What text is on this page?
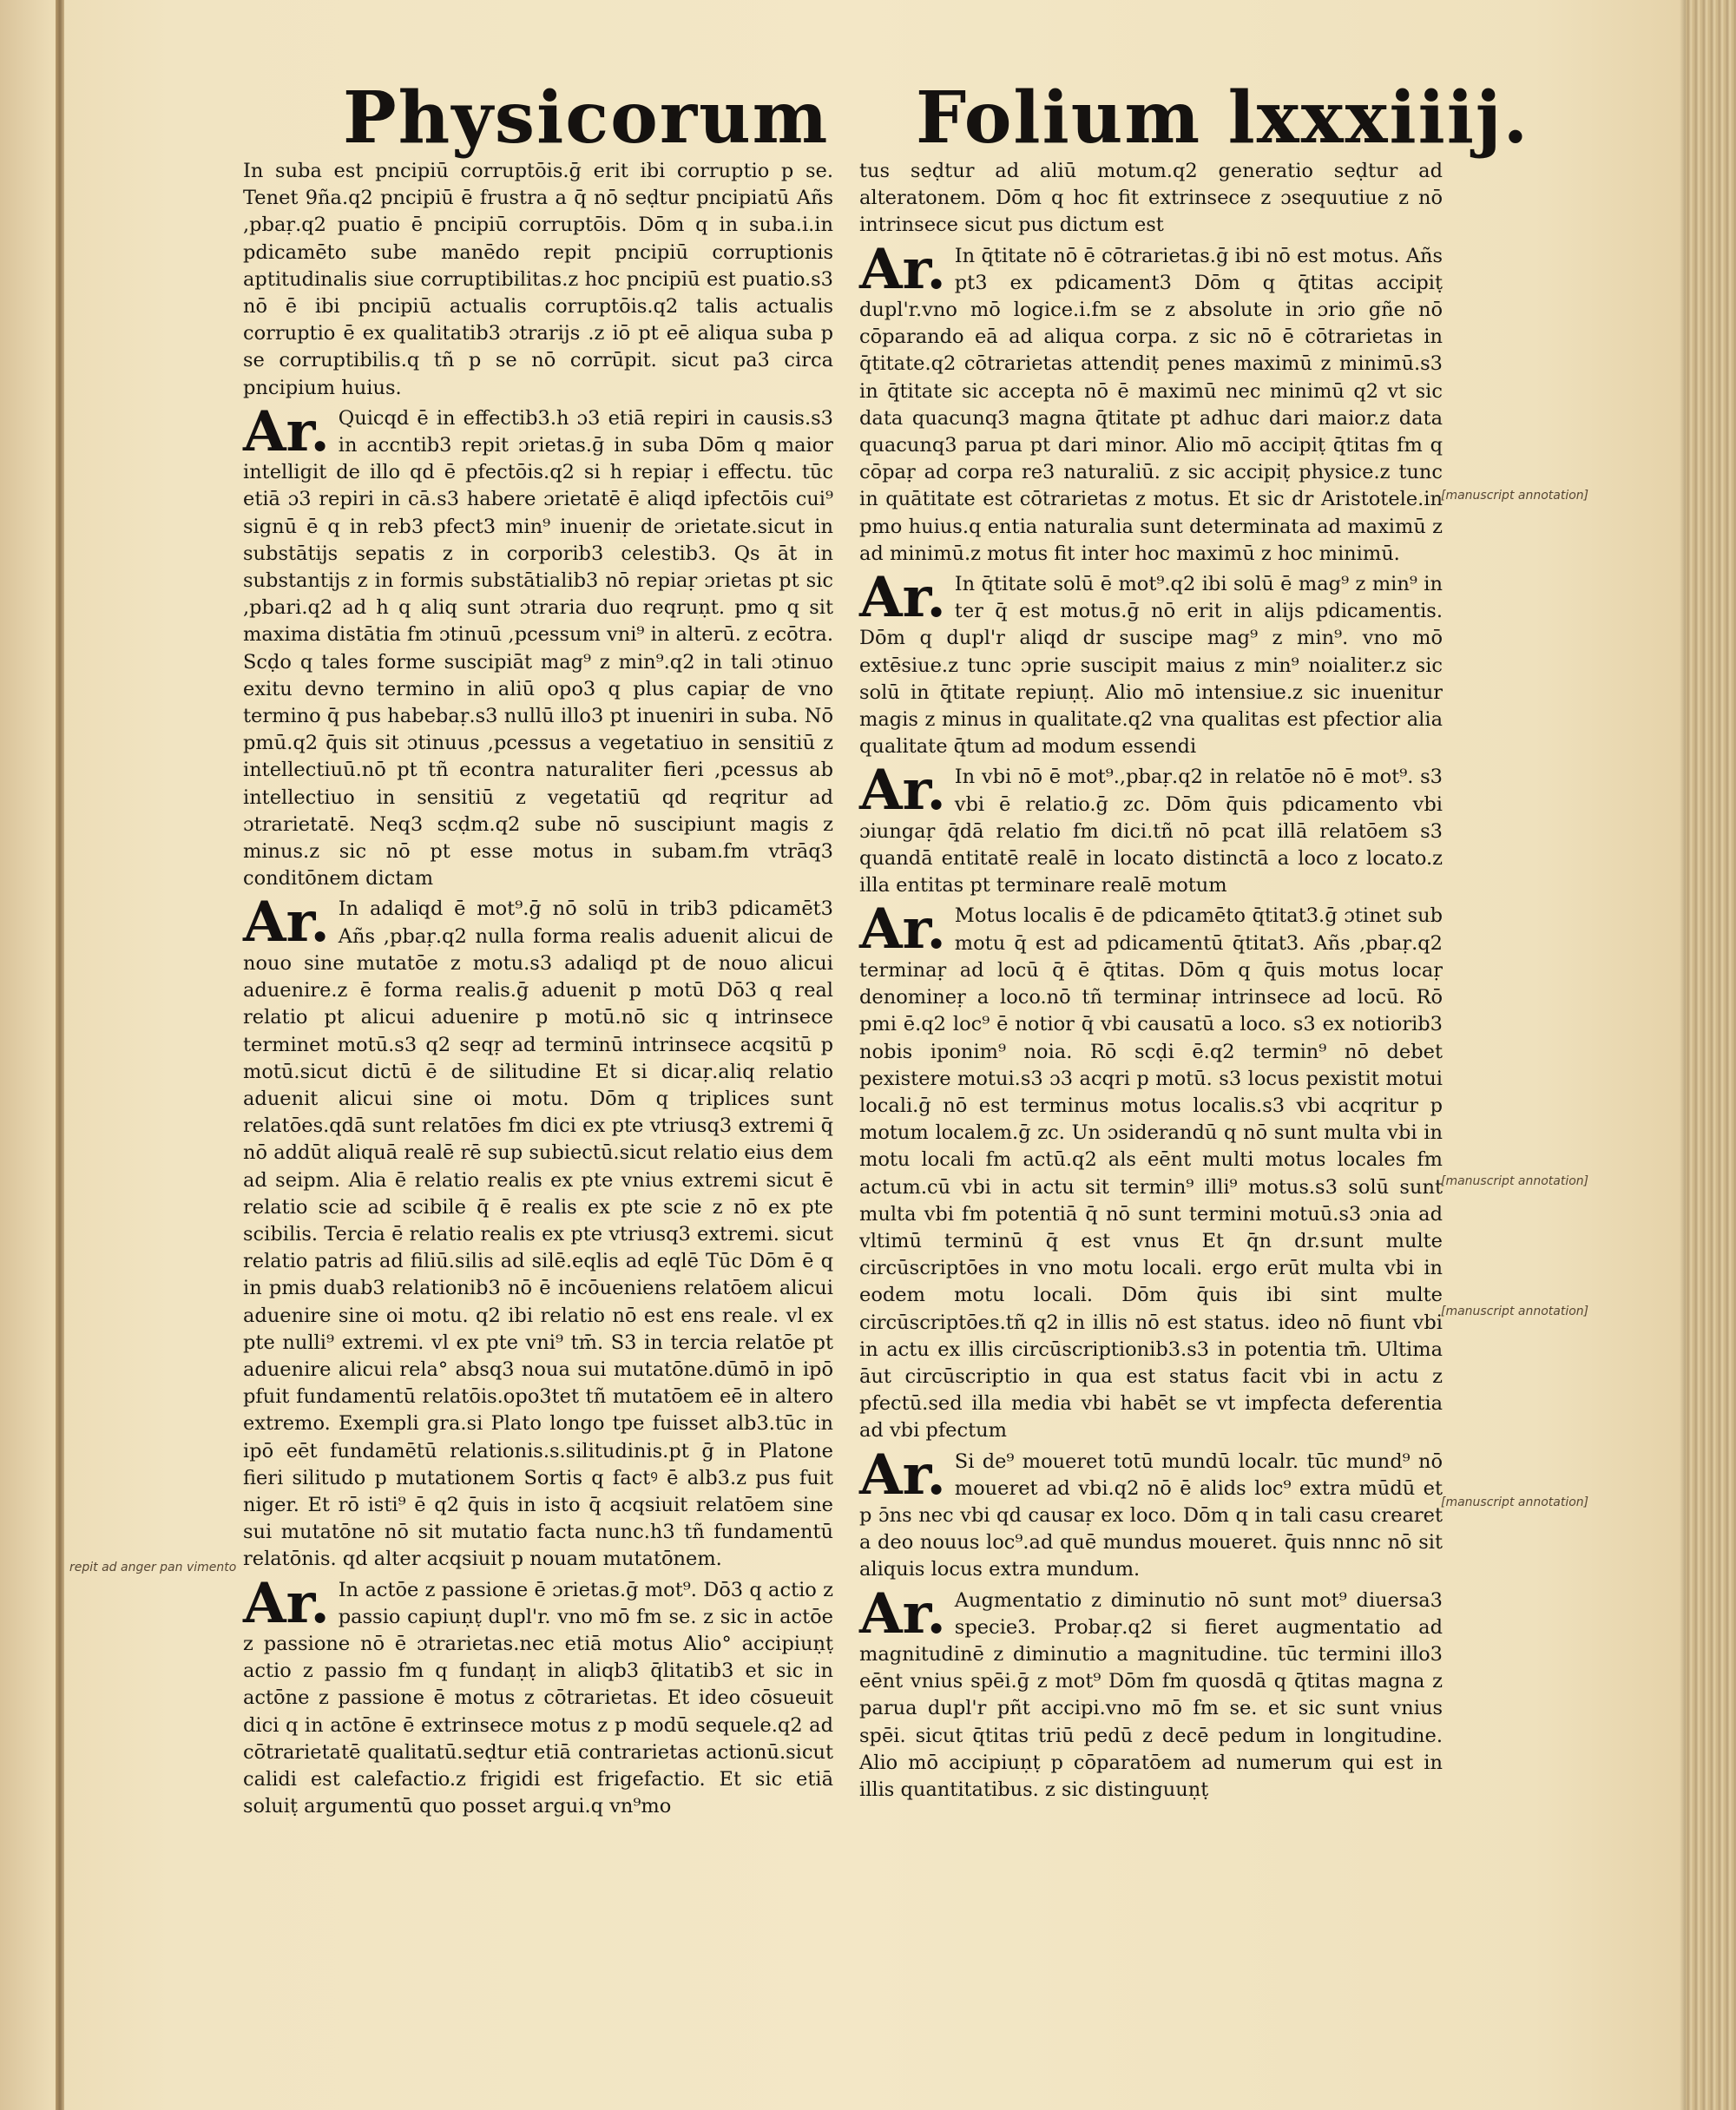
Physicorum Folium lxxxiiij.

In suba est pncipiū corruptōis.ḡ erit ibi corruptio p se. Tenet 9ña.q2 pncipiū ē frustra a q̄ nō seḍtur pncipiatū Añs ,pbaṛ.q2 puatio ē pncipiū corruptōis. Dōm q in suba.i.in pdicamēto sube manēdo repit pncipiū corruptionis aptitudinalis siue corruptibilitas.z hoc pncipiū est puatio.s3 nō ē ibi pncipiū actualis corruptōis.q2 talis actualis corruptio ē ex qualitatib3 ɔtrarijs .z iō pt eē aliqua suba p se corruptibilis.q tñ p se nō corrūpit. sicut pa3 circa pncipium huius.

Ar. Quicqd ē in effectib3.h ɔ3 etiā repiri in causis.s3 in accntib3 repit ɔrietas.ḡ in suba Dōm q maior intelligit de illo qd ē pfectōis.q2 si h repiaṛ i effectu. tūc etiā ɔ3 repiri in cā.s3 habere ɔrietatē ē aliqd ipfectōis cui⁹ signū ē q in reb3 pfect3 min⁹ inueniṛ de ɔrietate.sicut in substātijs sepatis z in corporib3 celestib3. Qs āt in substantijs z in formis substātialib3 nō repiaṛ ɔrietas pt sic ,pbari.q2 ad h q aliq sunt ɔtraria duo reqruṇt. pmo q sit maxima distātia fm ɔtinuū ,pcessum vni⁹ in alterū. z ecōtra. Scḍo q tales forme suscipiāt mag⁹ z min⁹.q2 in tali ɔtinuo exitu devno termino in aliū opo3 q plus capiaṛ de vno termino q̄ pus habebaṛ.s3 nullū illo3 pt inueniri in suba. Nō pmū.q2 q̄uis sit ɔtinuus ,pcessus a vegetatiuo in sensitiū z intellectiuū.nō pt tñ econtra naturaliter fieri ,pcessus ab intellectiuo in sensitiū z vegetatiū qd reqritur ad ɔtrarietatē. Neq3 scḍm.q2 sube nō suscipiunt magis z minus.z sic nō pt esse motus in subam.fm vtrāq3 conditōnem dictam

Ar. In adaliqd ē mot⁹.ḡ nō solū in trib3 pdicamēt3 Añs ,pbaṛ.q2 nulla forma realis aduenit alicui de nouo sine mutatōe z motu.s3 adaliqd pt de nouo alicui aduenire.z ē forma realis.ḡ aduenit p motū Dō3 q real relatio pt alicui aduenire p motū.nō sic q intrinsece terminet motū.s3 q2 seqṛ ad terminū intrinsece acqsitū p motū.sicut dictū ē de silitudine Et si dicaṛ.aliq relatio aduenit alicui sine oi motu. Dōm q triplices sunt relatōes.qdā sunt relatōes fm dici ex pte vtriusq3 extremi q̄ nō addūt aliquā realē rē sup subiectū.sicut relatio eius dem ad seipm. Alia ē relatio realis ex pte vnius extremi sicut ē relatio scie ad scibile q̄ ē realis ex pte scie z nō ex pte scibilis. Tercia ē relatio realis ex pte vtriusq3 extremi. sicut relatio patris ad filiū.silis ad silē.eqlis ad eqlē Tūc Dōm ē q in pmis duab3 relationib3 nō ē incōueniens relatōem alicui aduenire sine oi motu. q2 ibi relatio nō est ens reale. vl ex pte nulli⁹ extremi. vl ex pte vni⁹ tm̄. S3 in tercia relatōe pt aduenire alicui rela° absq3 noua sui mutatōne.dūmō in ipō pfuit fundamentū relatōis.opo3tet tñ mutatōem eē in altero extremo. Exempli gra.si Plato longo tpe fuisset alb3.tūc in ipō eēt fundamētū relationis.s.silitudinis.pt ḡ in Platone fieri silitudo p mutationem Sortis q factꝰ ē alb3.z pus fuit niger. Et rō isti⁹ ē q2 q̄uis in isto q̄ acqsiuit relatōem sine sui mutatōne nō sit mutatio facta nunc.h3 tñ fundamentū relatōnis. qd alter acqsiuit p nouam mutatōnem.

Ar. In actōe z passione ē ɔrietas.ḡ mot⁹. Dō3 q actio z passio capiuṇṭ dupl'r. vno mō fm se. z sic in actōe z passione nō ē ɔtrarietas.nec etiā motus Alio° accipiuṇṭ actio z passio fm q fundaṇṭ in aliqb3 q̄litatib3 et sic in actōne z passione ē motus z cōtrarietas. Et ideo cōsueuit dici q in actōne ē extrinsece motus z p modū sequele.q2 ad cōtrarietatē qualitatū.seḍtur etiā contrarietas actionū.sicut calidi est calefactio.z frigidi est frigefactio. Et sic etiā soluiṭ argumentū quo posset argui.q vn⁹mo

tus seḍtur ad aliū motum.q2 generatio seḍtur ad alteratonem. Dōm q hoc fit extrinsece z ɔsequutiue z nō intrinsece sicut pus dictum est

Ar. In q̄titate nō ē cōtrarietas.ḡ ibi nō est motus. Añs pt3 ex pdicament3 Dōm q q̄titas accipiṭ dupl'r.vno mō logice.i.fm se z absolute in ɔrio gñe nō cōparando eā ad aliqua corpa. z sic nō ē cōtrarietas in q̄titate.q2 cōtrarietas attendiṭ penes maximū z minimū.s3 in q̄titate sic accepta nō ē maximū nec minimū q2 vt sic data quacunq3 magna q̄titate pt adhuc dari maior.z data quacunq3 parua pt dari minor. Alio mō accipiṭ q̄titas fm q cōpaṛ ad corpa re3 naturaliū. z sic accipiṭ physice.z tunc in quātitate est cōtrarietas z motus. Et sic dr Aristotele.in pmo huius.q entia naturalia sunt determinata ad maximū z ad minimū.z motus fit inter hoc maximū z hoc minimū.

Ar. In q̄titate solū ē mot⁹.q2 ibi solū ē mag⁹ z min⁹ in ter q̄ est motus.ḡ nō erit in alijs pdicamentis. Dōm q dupl'r aliqd dr suscipe mag⁹ z min⁹. vno mō extēsiue.z tunc ɔprie suscipit maius z min⁹ noialiter.z sic solū in q̄titate repiuṇṭ. Alio mō intensiue.z sic inuenitur magis z minus in qualitate.q2 vna qualitas est pfectior alia qualitate q̄tum ad modum essendi

Ar. In vbi nō ē mot⁹.,pbaṛ.q2 in relatōe nō ē mot⁹. s3 vbi ē relatio.ḡ zc. Dōm q̄uis pdicamento vbi ɔiungaṛ q̄dā relatio fm dici.tñ nō pcat illā relatōem s3 quandā entitatē realē in locato distinctā a loco z locato.z illa entitas pt terminare realē motum

Ar. Motus localis ē de pdicamēto q̄titat3.ḡ ɔtinet sub motu q̄ est ad pdicamentū q̄titat3. Añs ,pbaṛ.q2 terminaṛ ad locū q̄ ē q̄titas. Dōm q q̄uis motus locaṛ denomineṛ a loco.nō tñ terminaṛ intrinsece ad locū. Rō pmi ē.q2 loc⁹ ē notior q̄ vbi causatū a loco. s3 ex notiorib3 nobis iponim⁹ noia. Rō scḍi ē.q2 termin⁹ nō debet pexistere motui.s3 ɔ3 acqri p motū. s3 locus pexistit motui locali.ḡ nō est terminus motus localis.s3 vbi acqritur p motum localem.ḡ zc. Un ɔsiderandū q nō sunt multa vbi in motu locali fm actū.q2 als eēnt multi motus locales fm actum.cū vbi in actu sit termin⁹ illi⁹ motus.s3 solū sunt multa vbi fm potentiā q̄ nō sunt termini motuū.s3 ɔnia ad vltimū terminū q̄ est vnus Et q̄n dr.sunt multe circūscriptōes in vno motu locali. ergo erūt multa vbi in eodem motu locali. Dōm q̄uis ibi sint multe circūscriptōes.tñ q2 in illis nō est status. ideo nō fiunt vbi in actu ex illis circūscriptionib3.s3 in potentia tm̄. Ultima āut circūscriptio in qua est status facit vbi in actu z pfectū.sed illa media vbi habēt se vt impfecta deferentia ad vbi pfectum

Ar. Si de⁹ moueret totū mundū localr. tūc mund⁹ nō moueret ad vbi.q2 nō ē alids loc⁹ extra mūdū et p ɔ̄ns nec vbi qd causaṛ ex loco. Dōm q in tali casu crearet a deo nouus loc⁹.ad quē mundus moueret. q̄uis nnnc nō sit aliquis locus extra mundum.

Ar. Augmentatio z diminutio nō sunt mot⁹ diuersa3 specie3. Probaṛ.q2 si fieret augmentatio ad magnitudinē z diminutio a magnitudine. tūc termini illo3 eēnt vnius spēi.ḡ z mot⁹ Dōm fm quosdā q q̄titas magna z parua dupl'r pñt accipi.vno mō fm se. et sic sunt vnius spēi. sicut q̄titas triū pedū z decē pedum in longitudine. Alio mō accipiuṇṭ p cōparatōem ad numerum qui est in illis quantitatibus. z sic distinguuṇṭ

repit ad anger pan vimento
[manuscript annotation]
[manuscript annotation]
[manuscript annotation]
[manuscript annotation]
